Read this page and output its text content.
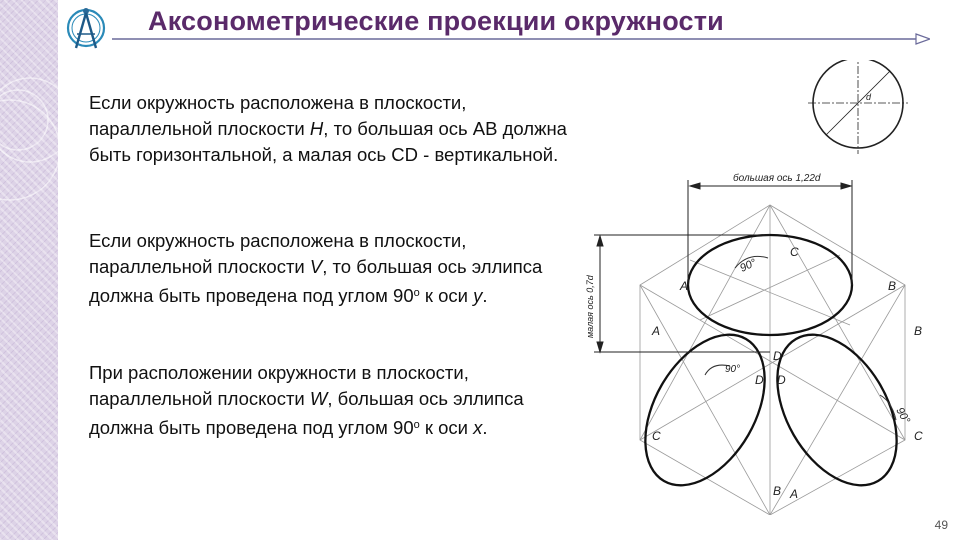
Аксонометрические проекции окружности

Если окружность расположена в плоскости, параллельной плоскости H, то большая ось АВ должна быть горизонтальной, а малая ось CD - вертикальной.

Если окружность расположена в плоскости, параллельной плоскости V, то большая ось эллипса должна быть проведена под углом $90^о$ к оси y.

При расположении окружности в плоскости, параллельной плоскости W, большая ось эллипса должна быть проведена под углом $90^о$ к оси x.

d
большая ось 1,22d
малая ось 0,7d
90°
90°
90°
A	B
C
D
A
C
D
B
B
C
D
A
49
